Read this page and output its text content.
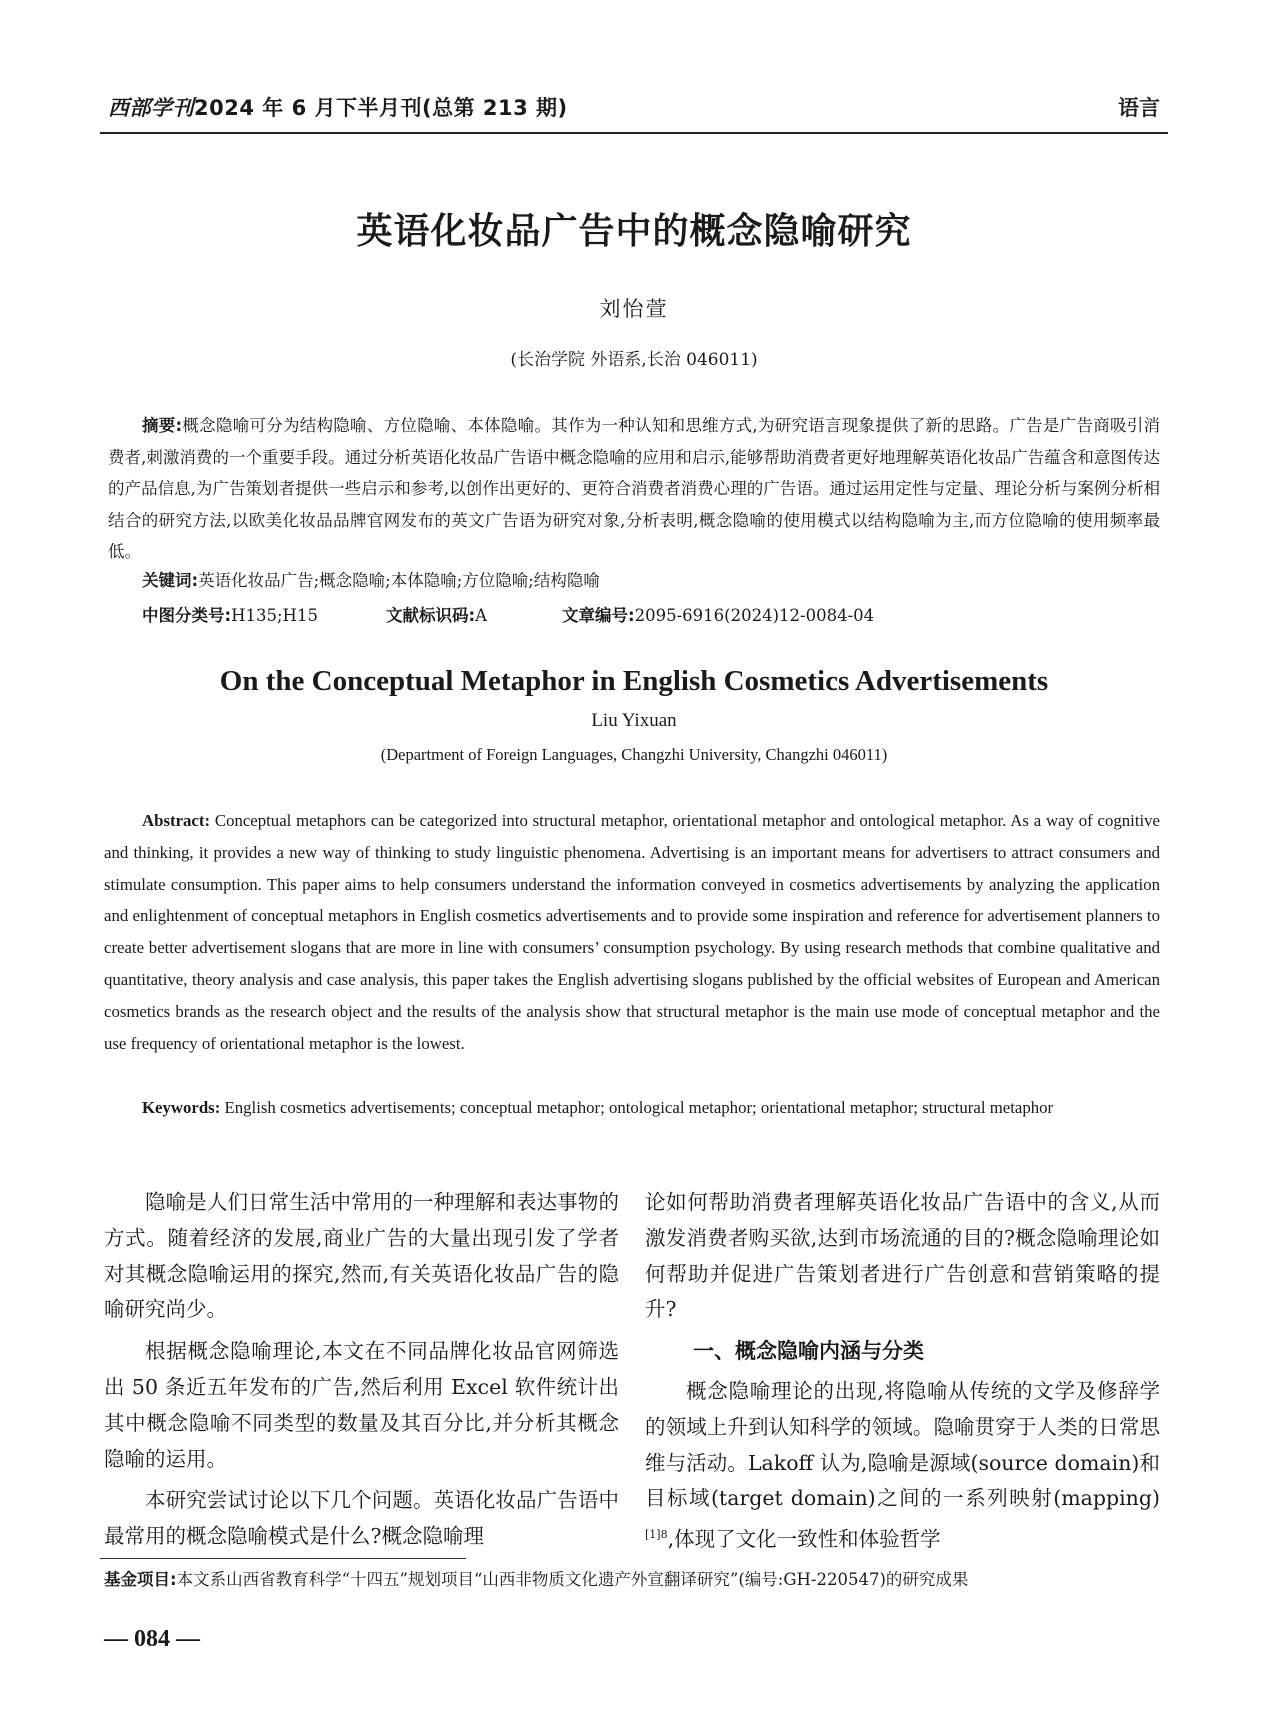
西部学刊2024 年 6 月下半月刊(总第 213 期)	语言
英语化妆品广告中的概念隐喻研究
刘怡萱
(长治学院 外语系,长治 046011)
摘要:概念隐喻可分为结构隐喻、方位隐喻、本体隐喻。其作为一种认知和思维方式,为研究语言现象提供了新的思路。广告是广告商吸引消费者,刺激消费的一个重要手段。通过分析英语化妆品广告语中概念隐喻的应用和启示,能够帮助消费者更好地理解英语化妆品广告蕴含和意图传达的产品信息,为广告策划者提供一些启示和参考,以创作出更好的、更符合消费者消费心理的广告语。通过运用定性与定量、理论分析与案例分析相结合的研究方法,以欧美化妆品品牌官网发布的英文广告语为研究对象,分析表明,概念隐喻的使用模式以结构隐喻为主,而方位隐喻的使用频率最低。
关键词:英语化妆品广告;概念隐喻;本体隐喻;方位隐喻;结构隐喻
中图分类号:H135;H15	文献标识码:A	文章编号:2095-6916(2024)12-0084-04
On the Conceptual Metaphor in English Cosmetics Advertisements
Liu Yixuan
(Department of Foreign Languages, Changzhi University, Changzhi 046011)
Abstract: Conceptual metaphors can be categorized into structural metaphor, orientational metaphor and ontological metaphor. As a way of cognitive and thinking, it provides a new way of thinking to study linguistic phenomena. Advertising is an important means for advertisers to attract consumers and stimulate consumption. This paper aims to help consumers understand the information conveyed in cosmetics advertisements by analyzing the application and enlightenment of conceptual metaphors in English cosmetics advertisements and to provide some inspiration and reference for advertisement planners to create better advertisement slogans that are more in line with consumers’ consumption psychology. By using research methods that combine qualitative and quantitative, theory analysis and case analysis, this paper takes the English advertising slogans published by the official websites of European and American cosmetics brands as the research object and the results of the analysis show that structural metaphor is the main use mode of conceptual metaphor and the use frequency of orientational metaphor is the lowest.
Keywords: English cosmetics advertisements; conceptual metaphor; ontological metaphor; orientational metaphor; structural metaphor

隐喻是人们日常生活中常用的一种理解和表达事物的方式。随着经济的发展,商业广告的大量出现引发了学者对其概念隐喻运用的探究,然而,有关英语化妆品广告的隐喻研究尚少。

根据概念隐喻理论,本文在不同品牌化妆品官网筛选出 50 条近五年发布的广告,然后利用 Excel 软件统计出其中概念隐喻不同类型的数量及其百分比,并分析其概念隐喻的运用。

本研究尝试讨论以下几个问题。英语化妆品广告语中最常用的概念隐喻模式是什么?概念隐喻理

论如何帮助消费者理解英语化妆品广告语中的含义,从而激发消费者购买欲,达到市场流通的目的?概念隐喻理论如何帮助并促进广告策划者进行广告创意和营销策略的提升?

一、概念隐喻内涵与分类

概念隐喻理论的出现,将隐喻从传统的文学及修辞学的领域上升到认知科学的领域。隐喻贯穿于人类的日常思维与活动。Lakoff 认为,隐喻是源域(source domain)和目标域(target domain)之间的一系列映射(mapping)$^{[1]8}$,体现了文化一致性和体验哲学

基金项目:本文系山西省教育科学“十四五”规划项目“山西非物质文化遗产外宣翻译研究”(编号:GH-220547)的研究成果
— 084 —
